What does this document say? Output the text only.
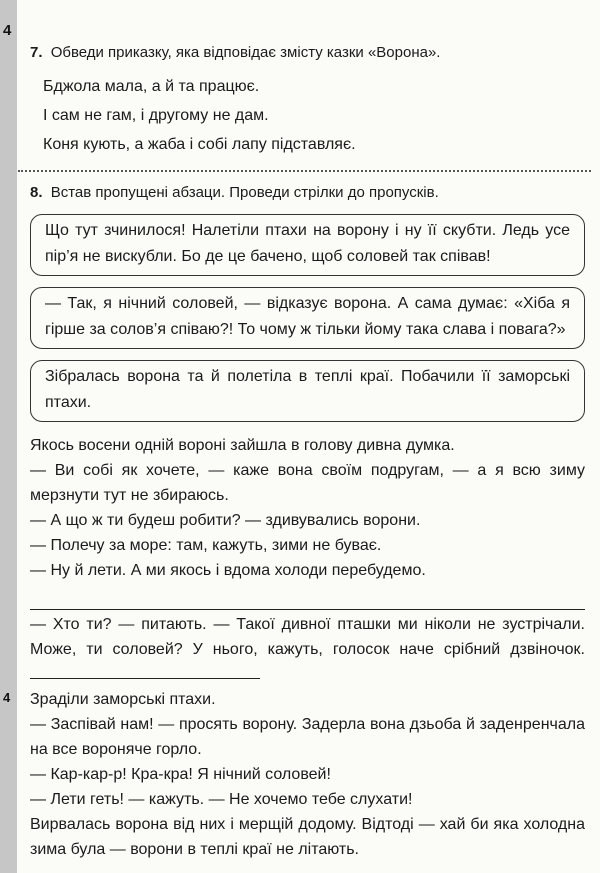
4
4
7. Обведи приказку, яка відповідає змісту казки «Ворона».
Бджола мала, а й та працює.
І сам не гам, і другому не дам.
Коня кують, а жаба і собі лапу підставляє.
8. Встав пропущені абзаци. Проведи стрілки до пропусків.
Що тут зчинилося! Налетіли птахи на ворону і ну її скубти. Ледь усе пір’я не вискубли. Бо де це бачено, щоб соловей так співав!
— Так, я нічний соловей, — відказує ворона. А сама думає: «Хіба я гірше за солов’я співаю?! То чому ж тільки йому така слава і повага?»
Зібралась ворона та й полетіла в теплі краї. Побачили її заморські птахи.

Якось восени одній вороні зайшла в голову дивна думка.

— Ви собі як хочете, — каже вона своїм подругам, — а я всю зиму мерзнути тут не збираюсь.

— А що ж ти будеш робити? — здивувались ворони.

— Полечу за море: там, кажуть, зими не буває.

— Ну й лети. А ми якось і вдома холоди перебудемо.

— Хто ти? — питають. — Такої дивної пташки ми ніколи не зустрічали. Може, ти соловей? У нього, кажуть, голосок наче срібний дзвіночок.

Зраділи заморські птахи.

— Заспівай нам! — просять ворону. Задерла вона дзьоба й заденренчала на все вороняче горло.

— Кар-кар-р! Кра-кра! Я нічний соловей!

— Лети геть! — кажуть. — Не хочемо тебе слухати!

Вирвалась ворона від них і мерщій додому. Відтоді — хай би яка холодна зима була — ворони в теплі краї не літають.
